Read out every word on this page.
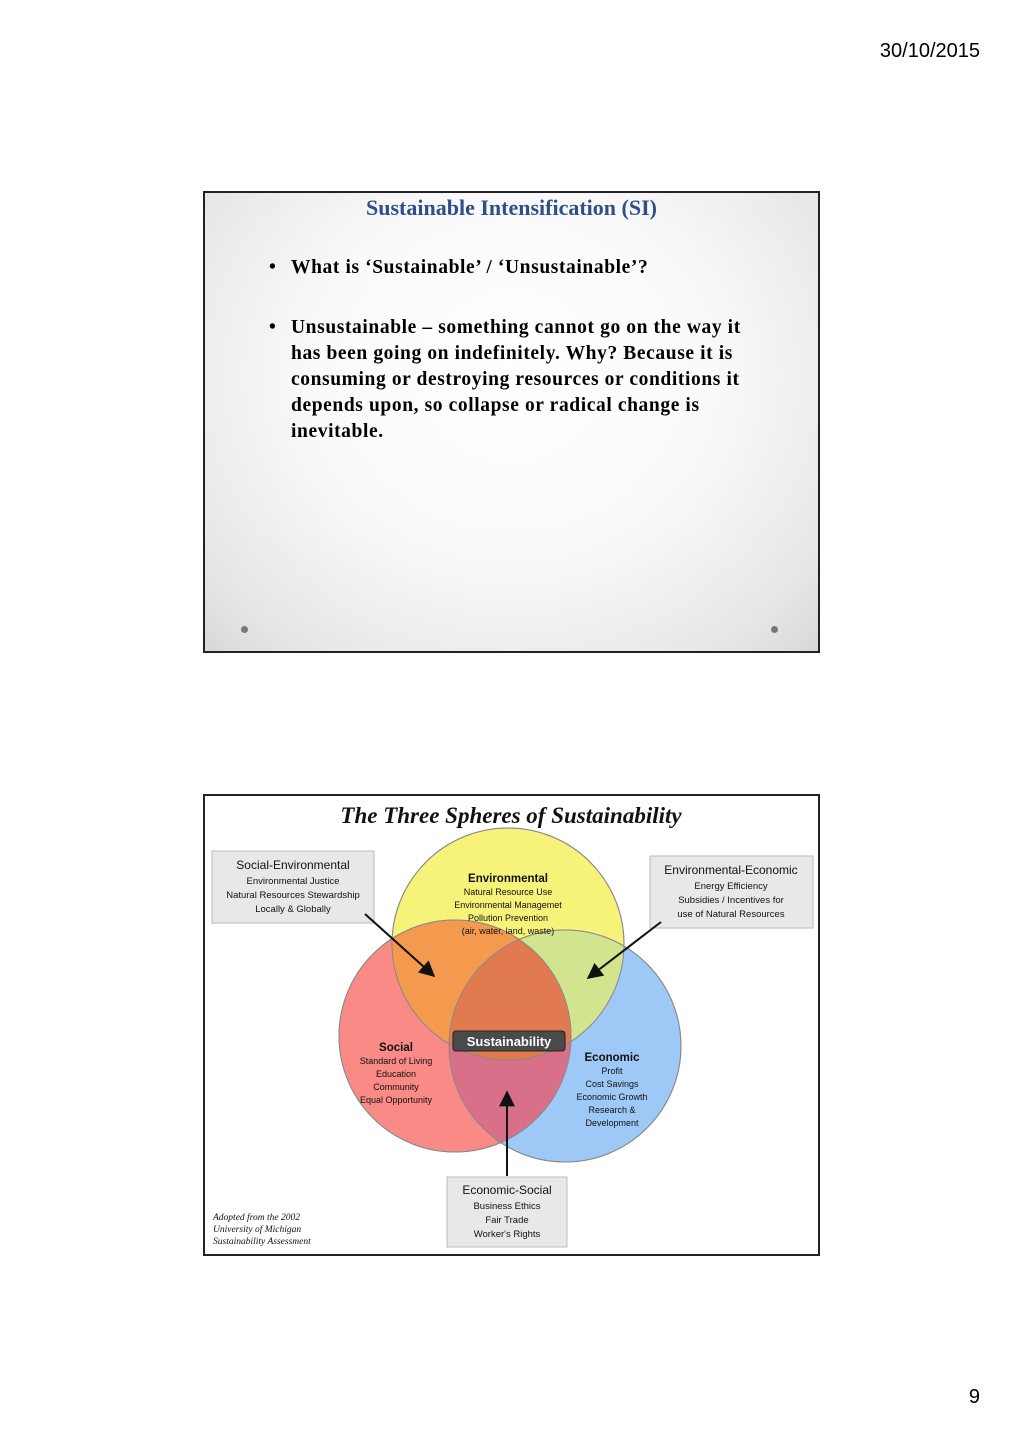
30/10/2015
Sustainable Intensification (SI)
• What is ‘Sustainable’ / ‘Unsustainable’?
• Unsustainable – something cannot go on the way it has been going on indefinitely. Why? Because it is consuming or destroying resources or conditions it depends upon, so collapse or radical change is inevitable.
The Three Spheres of Sustainability
Environmental
Natural Resource Use
Environmental Managemet
Pollution Prevention
(air, water, land, waste)
Social
Standard of Living
Education
Community
Equal Opportunity
Economic
Profit
Cost Savings
Economic Growth
Research &
Development
Sustainability
Social-Environmental
Environmental Justice
Natural Resources Stewardship
Locally & Globally
Environmental-Economic
Energy Efficiency
Subsidies / Incentives for
use of Natural Resources
Economic-Social
Business Ethics
Fair Trade
Worker's Rights
Adopted from the 2002
University of Michigan
Sustainability Assessment
9
